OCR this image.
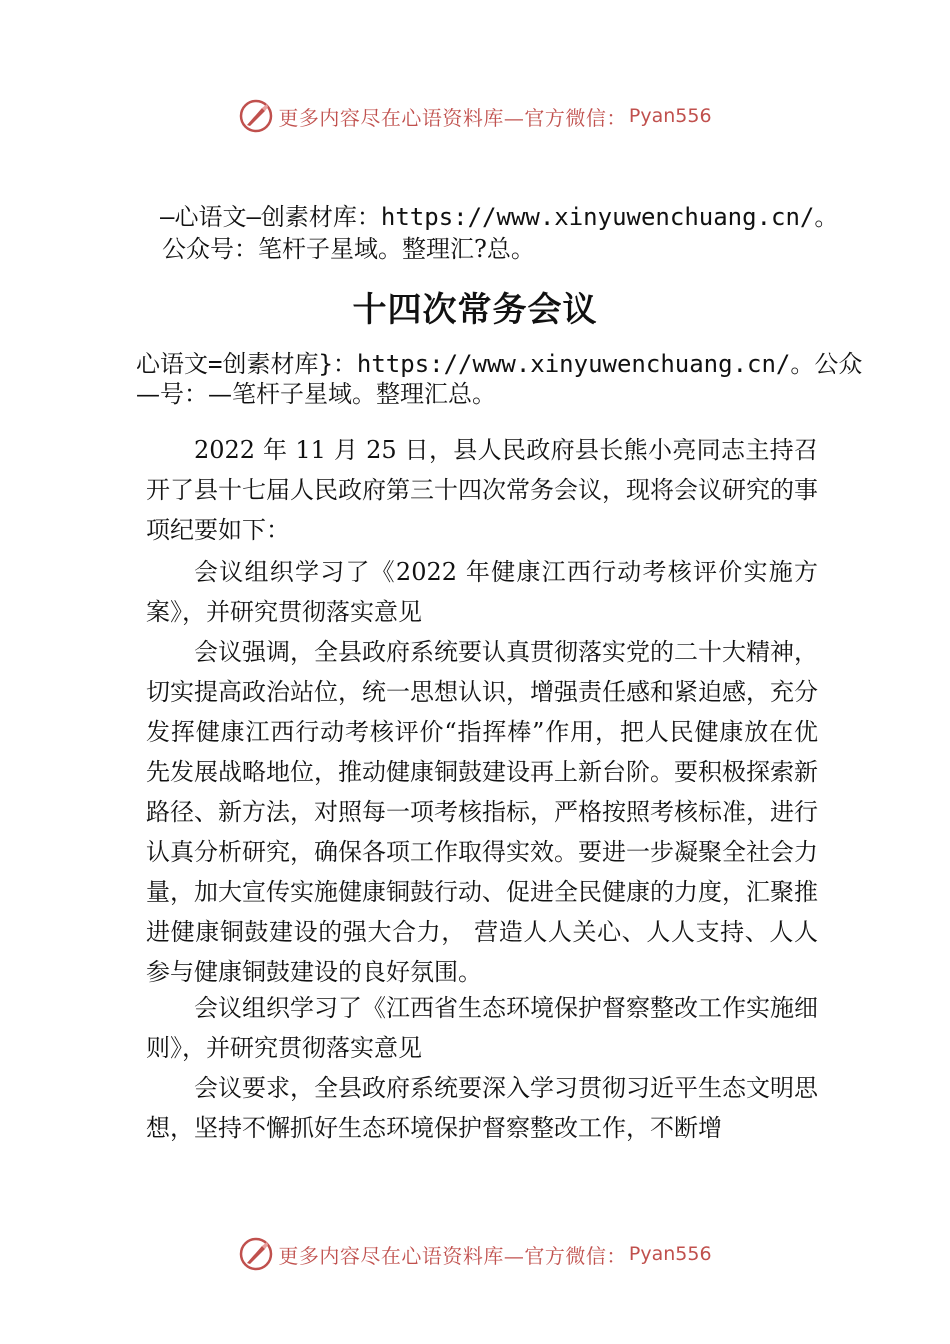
更多内容尽在心语资料库—官方微信： Pyan556
—心语文—创素材库：https://www.xinyuwenchuang.cn/。
公众号：笔杆子星域。整理汇?总。
十四次常务会议
心语文=创素材库}：https://www.xinyuwenchuang.cn/。公众
—号：—笔杆子星域。整理汇总。

2022 年 11 月 25 日，县人民政府县长熊小亮同志主持召开了县十七届人民政府第三十四次常务会议，现将会议研究的事项纪要如下：

会议组织学习了《2022 年健康江西行动考核评价实施方案》，并研究贯彻落实意见

会议强调，全县政府系统要认真贯彻落实党的二十大精神，切实提高政治站位，统一思想认识，增强责任感和紧迫感，充分发挥健康江西行动考核评价“指挥棒”作用，把人民健康放在优先发展战略地位，推动健康铜鼓建设再上新台阶。要积极探索新路径、新方法，对照每一项考核指标，严格按照考核标准，进行认真分析研究，确保各项工作取得实效。要进一步凝聚全社会力量，加大宣传实施健康铜鼓行动、促进全民健康的力度，汇聚推进健康铜鼓建设的强大合力， 营造人人关心、人人支持、人人参与健康铜鼓建设的良好氛围。

会议组织学习了《江西省生态环境保护督察整改工作实施细则》，并研究贯彻落实意见

会议要求，全县政府系统要深入学习贯彻习近平生态文明思想，坚持不懈抓好生态环境保护督察整改工作，不断增

更多内容尽在心语资料库—官方微信： Pyan556
